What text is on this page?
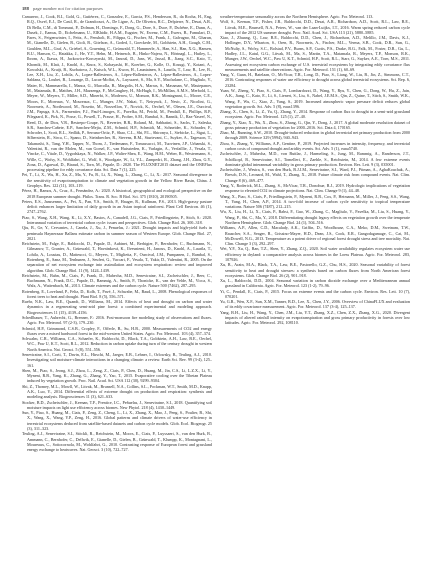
188 page number not for citation purposes

Camarero, J., Cook, B.I., Gold, G., Gutiérrez, C., Gonzalez, E., Garcia, P.S., Henderson, R., da Rocha, H., Eng, R.Q., Osvel, E.J., De Castl, R., de Grandcourt, A., De Ligne, A., De Oliveira, R.C., Delpierre, N., Desai, A.R., Di Bella, C.M., di Tommasi, P., Dolman, H., Domingo, F., Dong, G., Dore, S., Duce, P., Dufrêne, E., Dunn, A., Dusek, J., Eamus, D., Eichelmann, U., ElKhidir, H.A.M., Eugster, W., Ewenz, C.M., Ewers, B., Famulari, D., Fares, S., Feigenwinter, I., Feitz, A., Fensholt, R., Filippa, G., Fischer, M., Frank, J., Galvagno, M., Gharun, M., Gianelle, D., Gielen, B., Gioli, B., Gitelson, A., Goded, I., Goeckede, M., Goldstein, A.H., Gough, C.M., Goulden, M.L., Graf, A., Griebel, A., Gruening, C., Grünwald, T., Hammerle, A., Han, S.J., Han, X.G., Hansen, B.U., Hanson, C., Hatakka, J., He, Y.T., Hehn, M., Heinesch, B., Hinko-Najera, N., Hörtnagl, L., Hutley, L., Ibrom, A., Ikawa, H., Jackowicz-Korczynski, M., Janouš, D., Jans, W., Jassal, R., Jiang, S.C., Kato, T., Khomik, M., Klatt, J., Knohl, A., Knox, S., Kobayashi, H., Koerber, G., Kolle, O., Kosugi, Y., Kotani, A., Kowalski, A., Kruijt, B., Kurbatova, J., Kutsch, W.L., Kwon, H., Launiainen, S., Laurila, T., Law, B., Lee, B., Lee, X.H., Liu, Z., Lohila, A., Lopez-Ballesteros, A., López-Ballesteros, A., López-Ballesteros, A., Lopez-Saldana, G., Loubet, B., Louange, D., Lucas-Moffat, A., Luyssaert, S., Ma, S.Y., Macfarlane, C., Magliulo, V., Maier, R., Mammarella, I., Manca, G., Marcolla, B., Margolis, H.A., Marras, S., Massman, W., Mastepanov, M., Matamala, R., Matthes, J.H., Mazzenga, F., McCaughey, H., McHugh, I., McMillan, A.M.S., Merbold, L., Meyer, W., Meyers, T., Miller, S.D., Minerbi, S., Moderow, U., Monson, R.K., Montagnani, L., Moore, C.E., Moors, E., Moreaux, V., Moureaux, C., Munger, J.W., Nakai, T., Neirynck, J., Nesic, Z., Nicolini, G., Noormets, A., Northwood, M., Nosetto, M., Nouvellon, Y., Novick, K., Oechel, W., Olesen, J.E., Ourcival, J.M., Papuga, S.A., Parmentier, F.J., Paul-Limoges, E., Pavelka, M., Peichl, M., Pendall, E., Phillips, R.P., Pilegaard, K., Pirk, N., Posse, G., Powell, T., Prasse, H., Prober, S.M., Rambal, S., Rannik, Ü., Raz-Yaseef, N., Reed, D., de Dios, V.R., Restrepo-Coupe, N., Reverter, B.R., Roland, M., Sabbatini, S., Sachs, T., Saleska, S.R., Sanchez-Cañete, E.P., Sanchez-Mejia, Z.M., Schmid, H.P., Schmidt, M., Schneider, K., Schrader, F., Schroder, I., Scott, R.L., Sedlák, P., Serrano-Ortiz, P., Shao, C.L., Shi, P.L., Shironya, I., Siebicke, L., Šigut, L., Silberstein, R., Sirca, C., Spano, D., Steinbrecher, R., Stevens, R.M., Sturtevant, C., Suyker, A., Tagesson, T., Takanashi, S., Tang, Y.H., Tapper, N., Thom, J., Tiedemann, F., Tomassucci, M., Tuovinen, J.P., Urbanski, S., Valentini, R., van der Molen, M., van Gorsel, E., van Huissteden, K., Varlagin, A., Verfaillie, J., Vesala, T., Vincke, C., Vitale, D., Vygodskaya, N., Walker, J.P., Walter-Shea, E., Wang, H.M., Weber, R., Westermann, S., Wille, C., Wofsy, S., Wohlfahrt, G., Wolf, S., Woodgate, W., Li, Y.L., Zampedri, R., Zhang, J.H., Zhou, G.Y., Zona, D., Agarwal, D., Biraud, S., Torn, M., Papale, D.: 2020. The FLUXNET2015 dataset and the ONEFlux processing pipeline for eddy covariance data. Sci. Data 7 (1), 225.

Pei, T., Li, X., Wu, H., Xu, Z., Ma, Y., Fu, B., Li, X., Wang, L., Zhang, C., Li, X.: 2017. Seasonal divergence in the sensitivity of evapotranspiration to climate and vegetation growth in the Yellow River Basin, China. J. Geophys. Res. 122 (11), 103–119.

Pérez, H., Ramos, A., Cruz, A., Fernández, A.: 2020. A historical, geographical and ecological perspective on the 2018 European summer drought. Philos. Trans. R. Soc. B Biol. Sci. 375 (1810), 20190505.

Peters, E.S., Janssenms, A., Pei, X., Pan, Y.S., Smith, P., Hauger, R., Kullman, P.S., 2013. High-grassy pasture deficit enhances larger limitation of daily growth in an Asian tropical rainforest. Plant Cell Environ. 46 (1), 2747–2762.

Piao, S., Wang, X.H., Wang, K., Li, X.Y., Bastos, A., Canadell, J.G., Ciais, P., Friedlingstein, P., Sitch, S.: 2020. Interannual variation of terrestrial carbon cycle: issues and perspectives. Glob. Change Biol. 26, 300–318.

Qiu, B., Ge, Y., Cervantes, J., Canela, J., Xu, J., Penuelas, J.: 2021. Drought impacts and high-yield fuels in peninsula Haynerzaar Ballans estimate carbon in summer season of Western Europe. Glob. Change Biol. 27, 2021.

Reichstein, M., Falge, E., Baldocchi, D., Papale, D., Aubinet, M., Berbigier, P., Bernhofer, C., Buchmann, N., Gilmanov, T., Granier, A., Grünwald, T., Havránková, K., Ilvesniemi, H., Janous, D., Knohl, A., Laurila, T., Lohila, A., Loustau, D., Matteucci, G., Meyers, T., Miglietta, F., Ourcival, J.M., Pumpanen, J., Rambal, S., Rotenberg, E., Sanz, M., Tenhunen, J., Seufert, G., Vaccari, F., Vesala, T., Yakir, D., Valentini, R., 2005. On the separation of net ecosystem exchange into assimilation and ecosystem respiration: review and improved algorithm. Glob. Change Biol. 11 (9), 1424–1439.

Reichstein, M., Bahn, M., Ciais, P., Frank, D., Mahecha, M.D., Seneviratne, S.I., Zscheischler, J., Beer, C., Buchmann, N., Frank, D.C., Papale, D., Rammig, A., Smith, P., Thonicke, K., van der Velde, M., Vicca, S., Walz, A., Wattenbach, M., 2013. Climate extremes and the carbon cycle. Nature 500 (7462), 287–295.

Rotenberg, E., Loveland, P., Feltz, D., Kolb, T., Pavé, J., Schwabe, M., Baud, L., 2008. Phenological responses of forest trees to heat and drought. Plant Biol. 8 (5), 556–571.

Ruehr, N.K., Law, B.E., Quandt, D., Williams, M., 2014. Effects of heat and drought on carbon and water dynamics in a regenerating semi-arid pine forest: a combined experimental and modeling approach. Biogeosciences 11 (15), 4139–4156.

Schedlbauer, T., Aubrecht, G., Brenner, F.: 2016. Post-monsoon fire modeling study of observations and fluxes. Agric. For. Meteorol. 97 (2-3), 179–230.

Schmid, H.P., Grimmond, C.S.B., Cropley, F., Offerle, B., Su, H.B., 2000. Measurements of CO2 and energy fluxes over a mixed hardwood forest in the mid-western United States. Agric. For. Meteorol. 103 (4), 357–374.

Schwalm, C.R., Williams, C.A., Schaefer, K., Baldocchi, D., Black, T.A., Goldstein, A.H., Law, B.E., Oechel, W.C., Paw U, K.T., Scott, R.L., 2012. Reduction in carbon uptake during turn of the century drought in western North America. Nat. Geosci. 5 (8), 551–556.

Seneviratne, S.I., Corti, T., Davin, E.L., Hirschi, M., Jaeger, E.B., Lehner, I., Orlowsky, B., Teuling, A.J., 2010. Investigating soil moisture-climate interactions in a changing climate: a review. Earth Sci. Rev. 99 (3-4), 125–161.

Shen, M., Piao, S., Jeong, S.J., Zhou, L., Zeng, Z., Ciais, P., Chen, D., Huang, M., Jin, C.S., Li, L.Z.X., Li, Y., Myneni, R.B., Yang, K., Zhang, G., Zhang, Y., Yao, T., 2015. Evaporative cooling over the Tibetan Plateau induced by vegetation growth. Proc. Natl. Acad. Sci. USA 112 (30), 9299–9304.

Shi, Z., Thomey, M.L., Mowll, W., Litvak, M., Brunsell, N.A., Collins, S.L., Pockman, W.T., Smith, M.D., Knapp, A.K., Luo, Y., 2014. Differential effects of extreme drought on production and respiration: synthesis and modeling analysis. Biogeosciences 11 (3), 621–633.

Stocker, B.D., Zscheischler, J., Keenan, T.F., Prentice, I.C., Peñuelas, J., Seneviratne, S.I., 2018. Quantifying soil moisture impacts on light use efficiency across biomes. New Phytol. 218 (4), 1430–1449.

Sun, Y., Piao, S., Huang, M., Ciais, P., Zeng, Z., Cheng, L., Li, X., Zhang, X., Mao, J., Peng, S., Poulter, B., Shi, X., Wang, X., Wang, Y.P., Zeng, H., 2016. Global patterns and climate drivers of water-use efficiency in terrestrial ecosystems deduced from satellite-based datasets and carbon cycle models. Glob. Ecol. Biogeogr. 25 (3), 311–323.

Teuling, A.J., Seneviratne, S.I., Stöckli, R., Reichstein, M., Moors, E., Ciais, P., Luyssaert, S., van den Hurk, B., Ammann, C., Bernhofer, C., Dellwik, E., Gianelle, D., Gielen, B., Grünwald, T., Klumpp, K., Montagnani, L., Moureaux, C., Sottocornola, M., Wohlfahrt, G., 2010. Contrasting response of European forest and grassland energy exchange to heatwaves. Nat. Geosci. 3 (10), 722–727.

weather-temperature seasonality across the Northern Hemisphere. Agric. For. Meteorol. 113.

Wolf, S., Keenan, T.F., Fisher, J.B., Baldocchi, D.D., Desai, A.R., Richardson, A.D., Scott, R.L., Law, B.E., Litvak, M.E., Brunsell, N.A., Peters, W., van der Laan-Luijkx, I.T., 2016. Warm spring reduced carbon cycle impact of the 2012 US summer drought. Proc. Natl. Acad. Sci. USA 113 (21), 5880–5885.

Xiao, J., Zhuang, Q., Law, B.E., Baldocchi, D.D., Chen, J., Richardson, A.D., Melillo, J.M., Davis, K.J., Hollinger, D.Y., Wharton, S., Oren, R., Noormets, A., Fischer, M.L., Verma, S.B., Cook, D.R., Sun, G., McNulty, S., Wofsy, S.C., Bolstad, P.V., Burns, S.P., Curtis, P.S., Drake, B.G., Falk, M., Foster, D.R., Gu, L., Hadley, J.L., Katul, G.G., Litvak, M., Ma, S., Martin, T.A., Matamala, R., Meyers, T.P., Monson, R.K., Munger, J.W., Oechel, W.C., Paw U, K.T., Schmid, H.P., Scott, R.L., Starr, G., Suyker, A.E., Torn, M.S., 2011. Assessing net ecosystem carbon exchange of U.S. terrestrial ecosystems by integrating eddy covariance flux measurements and satellite observations. Agric. For. Meteorol. 151 (1), 60–69.

Yang, Y., Guan, H., Batelaan, O., McVicar, T.R., Long, D., Piao, S., Liang, W., Liu, B., Jin, Z., Simmons, C.T., 2016. Contrasting responses of water use efficiency to drought across global terrestrial ecosystems. Sci. Rep. 6, 23284.

Yuan, W., Zheng, Y., Piao, S., Ciais, P., Lombardozzi, D., Wang, Y., Ryu, Y., Chen, G., Dong, W., Hu, Z., Jain, A.K., Jiang, C., Kato, E., Li, S., Lienert, S., Liu, S., Nabel, J.E.M.S., Qin, Z., Quine, T., Sitch, S., Smith, W.K., Wang, F., Wu, C., Xiao, Z., Yang, S., 2019. Increased atmospheric vapor pressure deficit reduces global vegetation growth. Sci. Adv. 5 (8), eaax1396.

Zhang, X., Chen, S., Li, Z., Yu, Q., Zhang, Y., 2014. Response of carbon flux to drought in a semi-arid grassland ecosystem. Agric. For. Meteorol. 125 (1), 27–40.

Zhang, Y., Xiao, X., Wu, X., Zhou, S., Zhang, G., Qin, Y., Dong, J., 2017. A global moderate resolution dataset of gross primary production of vegetation for 2000–2016. Sci. Data 4, 170165.

Zhao, M., Running, S.W., 2010. Drought-induced reduction in global terrestrial net primary production from 2000 through 2009. Science 329 (5994), 940–943.

Zhou, S., Zhang, Y., Williams, A.P., Gentine, P., 2019. Projected increases in intensity, frequency, and terrestrial carbon costs of compound drought and aridity events. Sci. Adv. 5 (1), eaau5740.

Zscheischler, J., Mahecha, M.D., von Buttlar, J., Harmeling, S., Jung, M., Rammig, A., Randerson, J.T., Schölkopf, B., Seneviratne, S.I., Tomelleri, E., Zaehle, S., Reichstein, M., 2014. A few extreme events dominate global interannual variability in gross primary production. Environ. Res. Lett. 9 (3), 035001.

Zscheischler, J., Westra, S., van den Hurk, B.J.J.M., Seneviratne, S.I., Ward, P.J., Pitman, A., AghaKouchak, A., Bresch, D.N., Leonard, M., Wahl, T., Zhang, X., 2018. Future climate risk from compound events. Nat. Clim. Change 8 (6), 469–477.

Yang, Y., Roderick, M.L., Zhang, S., McVicar, T.R., Donohue, R.J., 2019. Hydrologic implications of vegetation response to elevated CO2 in climate projections. Nat. Clim. Change 9 (1), 44–48.

Wang, X., Piao, S., Ciais, P., Friedlingstein, P., Myneni, R.B., Cox, P., Heimann, M., Miller, J., Peng, S.S., Wang, T., Yang, H., Chen, A.P., 2014. A two-fold increase of carbon cycle sensitivity to tropical temperature variations. Nature 506 (7487), 212–215.

Wu, X., Liu, H., Li, X., Ciais, P., Babst, F., Guo, W., Zhang, C., Magliulo, V., Pavelka, M., Liu, S., Huang, Y., Wang, P., Shi, C., Ma, Y., 2018. Differentiating drought legacy effects on vegetation growth over the temperate Northern Hemisphere. Glob. Change Biol. 24 (1), 504–516.

Williams, A.P., Allen, C.D., Macalady, A.K., Griffin, D., Woodhouse, C.A., Meko, D.M., Swetnam, T.W., Rauscher, S.A., Seager, R., Grissino-Mayer, H.D., Dean, J.S., Cook, E.R., Gangodagamage, C., Cai, M., McDowell, N.G., 2013. Temperature as a potent driver of regional forest drought stress and tree mortality. Nat. Clim. Change 3 (3), 292–297.

Wei, Y.F., Xu, Q., Ran, T.Z., Shen, Y., Zhang, Z.Q., 2020. Soil water availability regulates ecosystem water use efficiency in dryland: a comparative analysis across biomes in the Loess Plateau. Agric. For. Meteorol. 283, 107926.

Xu, B., Arain, M.A., Black, T.A., Law, B.E., Pastorello, G.Z., Chu, H.S., 2020. Seasonal variability of forest sensitivity to heat and drought stresses: a synthesis based on carbon fluxes from North American forest ecosystems. Glob. Change Biol. 26 (2), 901–918.

Xu, L., Baldocchi, D.D., 2004. Seasonal variation in carbon dioxide exchange over a Mediterranean annual grassland in California. Agric. For. Meteorol. 123 (1-2), 79–96.

Yi, C., Pendall, E., Ciais, P., 2015. Focus on extreme events and the carbon cycle. Environ. Res. Lett. 10 (7), 070201.

Yu, G.R., Wen, X.F., Sun, X.M., Tanner, B.D., Lee, X., Chen, J.Y., 2006. Overview of ChinaFLUX and evaluation of its eddy covariance measurement. Agric. For. Meteorol. 137 (3-4), 125–137.

Yang, B.H., Liu, H., Wang, Y., Chen, J.M., Liu, Y.T., Zhang, X.Z., Chen, Z.X., Zhang, X.G., 2020. Divergent impacts of altered rainfall intensity on evapotranspiration and gross primary productivity in forests over low latitudes. Agric. For. Meteorol. 292, 108110.
